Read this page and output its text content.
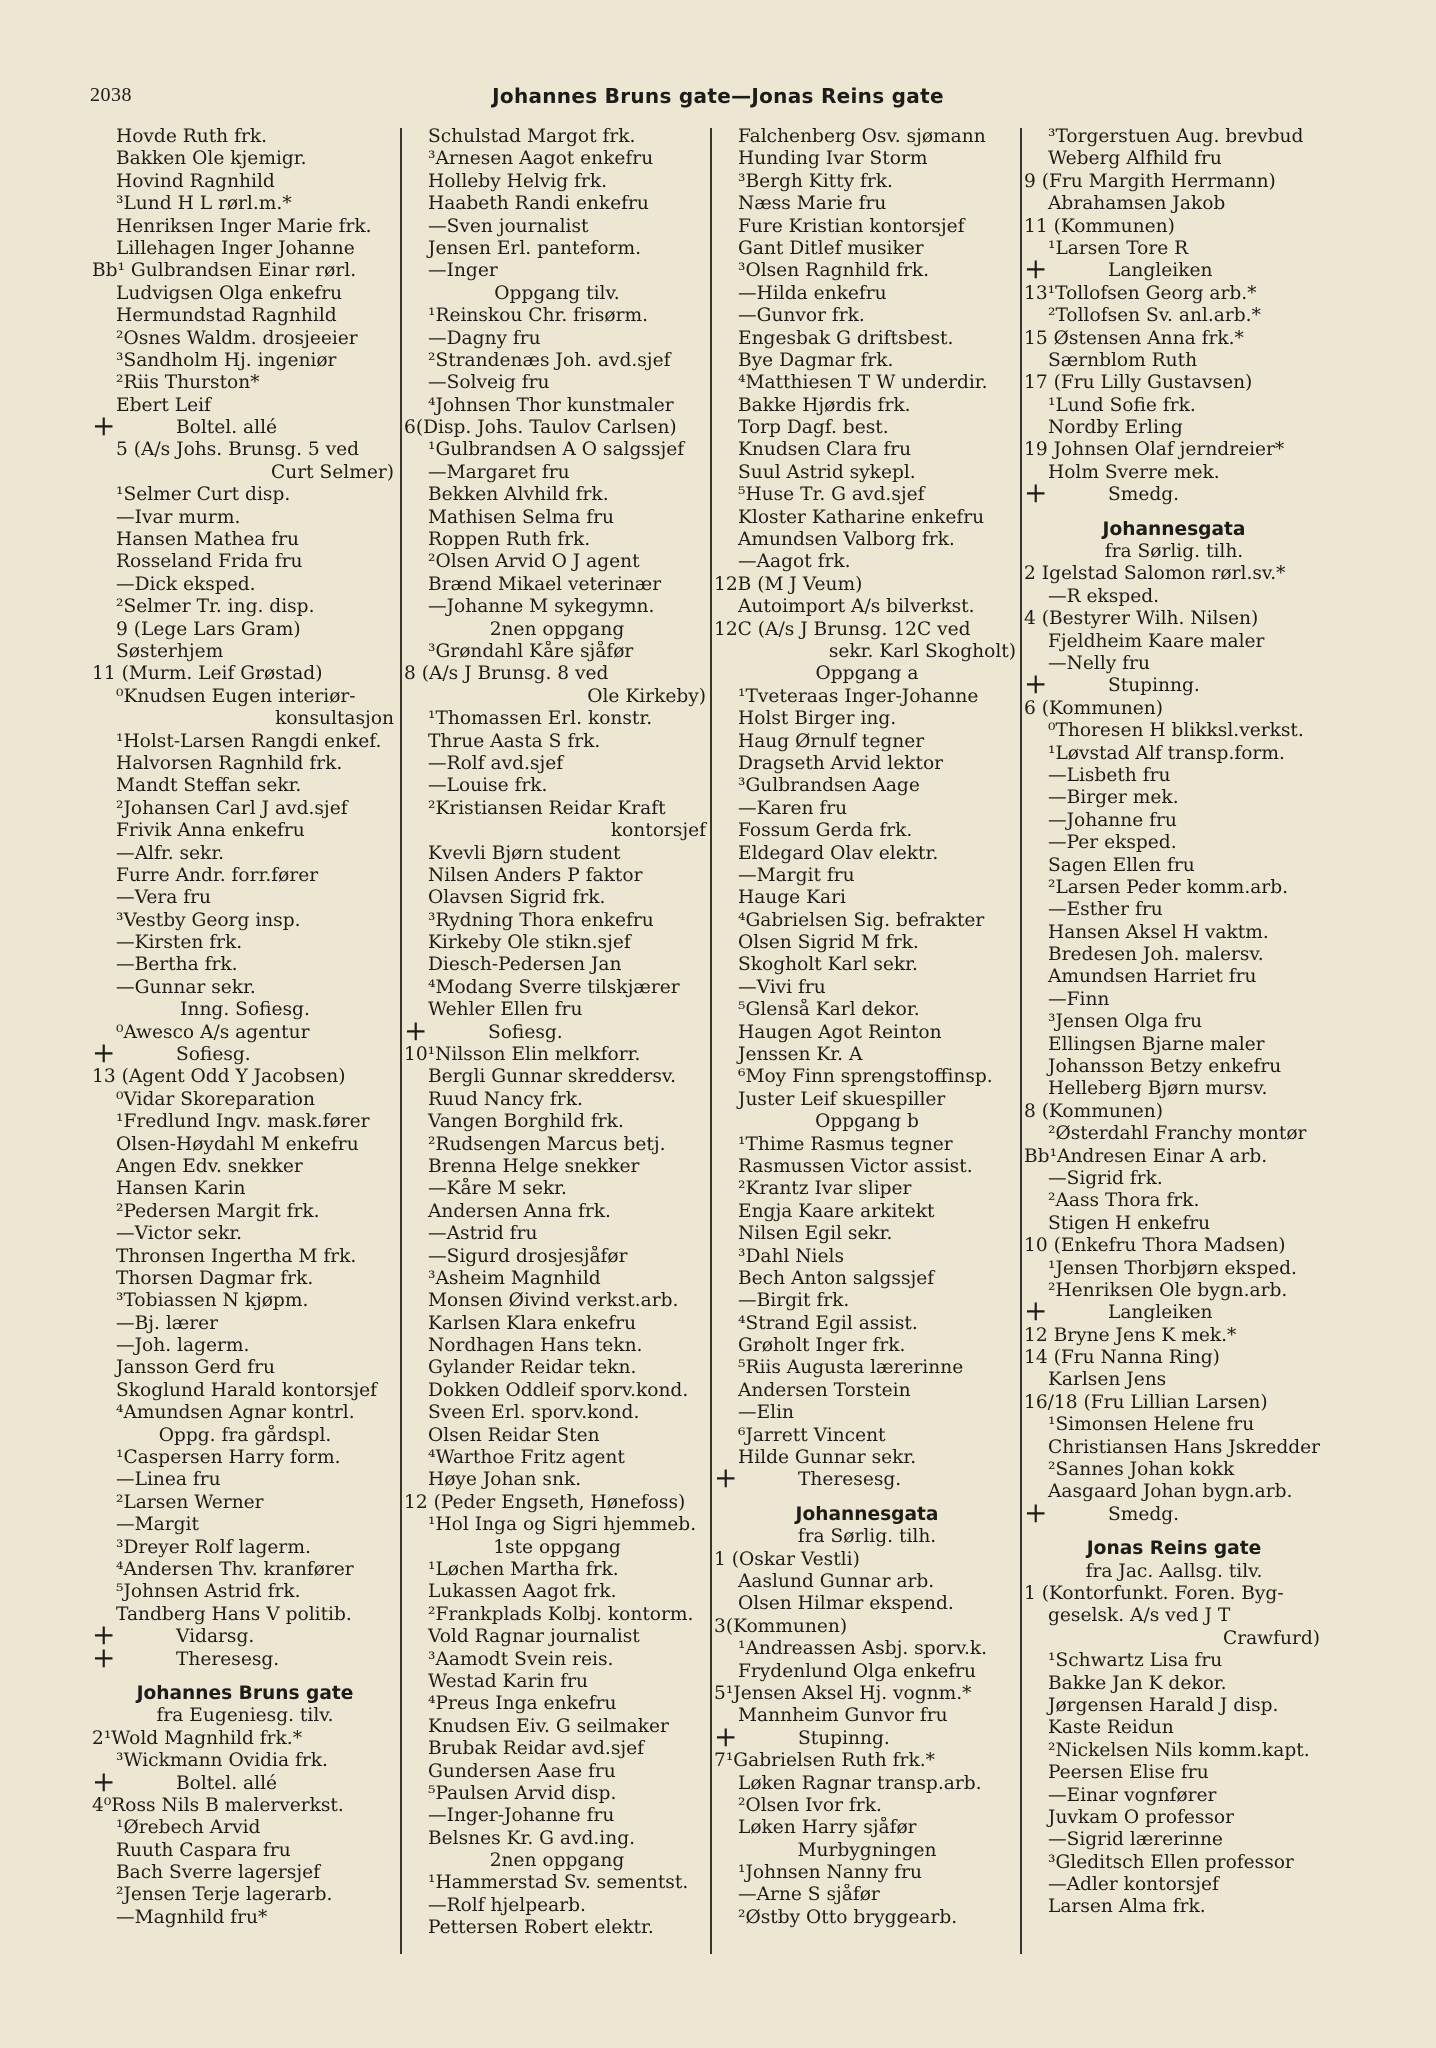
2038	Johannes Bruns gate—Jonas Reins gate
Hovde Ruth frk.
Bakken Ole kjemigr.
Hovind Ragnhild
³Lund H L rørl.m.*
Henriksen Inger Marie frk.
Lillehagen Inger Johanne
Bb¹ Gulbrandsen Einar rørl.
Ludvigsen Olga enkefru
Hermundstad Ragnhild
²Osnes Waldm. drosjeeier
³Sandholm Hj. ingeniør
²Riis Thurston*
Ebert Leif
+ Boltel. allé
5 (A/s Johs. Brunsg. 5 ved
Curt Selmer)
¹Selmer Curt disp.
—Ivar murm.
Hansen Mathea fru
Rosseland Frida fru
—Dick eksped.
²Selmer Tr. ing. disp.
9 (Lege Lars Gram)
Søsterhjem
11 (Murm. Leif Grøstad)
⁰Knudsen Eugen interiør-
konsultasjon
¹Holst-Larsen Rangdi enkef.
Halvorsen Ragnhild frk.
Mandt Steffan sekr.
²Johansen Carl J avd.sjef
Frivik Anna enkefru
—Alfr. sekr.
Furre Andr. forr.fører
—Vera fru
³Vestby Georg insp.
—Kirsten frk.
—Bertha frk.
—Gunnar sekr.
Inng. Sofiesg.
⁰Awesco A/s agentur
+ Sofiesg.
13 (Agent Odd Y Jacobsen)
⁰Vidar Skoreparation
¹Fredlund Ingv. mask.fører
Olsen-Høydahl M enkefru
Angen Edv. snekker
Hansen Karin
²Pedersen Margit frk.
—Victor sekr.
Thronsen Ingertha M frk.
Thorsen Dagmar frk.
³Tobiassen N kjøpm.
—Bj. lærer
—Joh. lagerm.
Jansson Gerd fru
Skoglund Harald kontorsjef
⁴Amundsen Agnar kontrl.
Oppg. fra gårdspl.
¹Caspersen Harry form.
—Linea fru
²Larsen Werner
—Margit
³Dreyer Rolf lagerm.
⁴Andersen Thv. kranfører
⁵Johnsen Astrid frk.
Tandberg Hans V politib.
+ Vidarsg.
+ Theresesg.
Johannes Bruns gate
fra Eugeniesg. tilv.
2¹Wold Magnhild frk.*
³Wickmann Ovidia frk.
+ Boltel. allé
4⁰Ross Nils B malerverkst.
¹Ørebech Arvid
Ruuth Caspara fru
Bach Sverre lagersjef
²Jensen Terje lagerarb.
—Magnhild fru*
Schulstad Margot frk.
³Arnesen Aagot enkefru
Holleby Helvig frk.
Haabeth Randi enkefru
—Sven journalist
Jensen Erl. panteform.
—Inger
Oppgang tilv.
¹Reinskou Chr. frisørm.
—Dagny fru
²Strandenæs Joh. avd.sjef
—Solveig fru
⁴Johnsen Thor kunstmaler
6(Disp. Johs. Taulov Carlsen)
¹Gulbrandsen A O salgssjef
—Margaret fru
Bekken Alvhild frk.
Mathisen Selma fru
Roppen Ruth frk.
²Olsen Arvid O J agent
Brænd Mikael veterinær
—Johanne M sykegymn.
2nen oppgang
³Grøndahl Kåre sjåfør
8 (A/s J Brunsg. 8 ved
Ole Kirkeby)
¹Thomassen Erl. konstr.
Thrue Aasta S frk.
—Rolf avd.sjef
—Louise frk.
²Kristiansen Reidar Kraft
kontorsjef
Kvevli Bjørn student
Nilsen Anders P faktor
Olavsen Sigrid frk.
³Rydning Thora enkefru
Kirkeby Ole stikn.sjef
Diesch-Pedersen Jan
⁴Modang Sverre tilskjærer
Wehler Ellen fru
+ Sofiesg.
10¹Nilsson Elin melkforr.
Bergli Gunnar skreddersv.
Ruud Nancy frk.
Vangen Borghild frk.
²Rudsengen Marcus betj.
Brenna Helge snekker
—Kåre M sekr.
Andersen Anna frk.
—Astrid fru
—Sigurd drosjesjåfør
³Asheim Magnhild
Monsen Øivind verkst.arb.
Karlsen Klara enkefru
Nordhagen Hans tekn.
Gylander Reidar tekn.
Dokken Oddleif sporv.kond.
Sveen Erl. sporv.kond.
Olsen Reidar Sten
⁴Warthoe Fritz agent
Høye Johan snk.
12 (Peder Engseth, Hønefoss)
¹Hol Inga og Sigri hjemmeb.
1ste oppgang
¹Løchen Martha frk.
Lukassen Aagot frk.
²Frankplads Kolbj. kontorm.
Vold Ragnar journalist
³Aamodt Svein reis.
Westad Karin fru
⁴Preus Inga enkefru
Knudsen Eiv. G seilmaker
Brubak Reidar avd.sjef
Gundersen Aase fru
⁵Paulsen Arvid disp.
—Inger-Johanne fru
Belsnes Kr. G avd.ing.
2nen oppgang
¹Hammerstad Sv. sementst.
—Rolf hjelpearb.
Pettersen Robert elektr.
Falchenberg Osv. sjømann
Hunding Ivar Storm
³Bergh Kitty frk.
Næss Marie fru
Fure Kristian kontorsjef
Gant Ditlef musiker
³Olsen Ragnhild frk.
—Hilda enkefru
—Gunvor frk.
Engesbak G driftsbest.
Bye Dagmar frk.
⁴Matthiesen T W underdir.
Bakke Hjørdis frk.
Torp Dagf. best.
Knudsen Clara fru
Suul Astrid sykepl.
⁵Huse Tr. G avd.sjef
Kloster Katharine enkefru
Amundsen Valborg frk.
—Aagot frk.
12B (M J Veum)
Autoimport A/s bilverkst.
12C (A/s J Brunsg. 12C ved
sekr. Karl Skogholt)
Oppgang a
¹Tveteraas Inger-Johanne
Holst Birger ing.
Haug Ørnulf tegner
Dragseth Arvid lektor
³Gulbrandsen Aage
—Karen fru
Fossum Gerda frk.
Eldegard Olav elektr.
—Margit fru
Hauge Kari
⁴Gabrielsen Sig. befrakter
Olsen Sigrid M frk.
Skogholt Karl sekr.
—Vivi fru
⁵Glenså Karl dekor.
Haugen Agot Reinton
Jenssen Kr. A
⁶Moy Finn sprengstoffinsp.
Juster Leif skuespiller
Oppgang b
¹Thime Rasmus tegner
Rasmussen Victor assist.
²Krantz Ivar sliper
Engja Kaare arkitekt
Nilsen Egil sekr.
³Dahl Niels
Bech Anton salgssjef
—Birgit frk.
⁴Strand Egil assist.
Grøholt Inger frk.
⁵Riis Augusta lærerinne
Andersen Torstein
—Elin
⁶Jarrett Vincent
Hilde Gunnar sekr.
+ Theresesg.
Johannesgata
fra Sørlig. tilh.
1 (Oskar Vestli)
Aaslund Gunnar arb.
Olsen Hilmar ekspend.
3(Kommunen)
¹Andreassen Asbj. sporv.k.
Frydenlund Olga enkefru
5¹Jensen Aksel Hj. vognm.*
Mannheim Gunvor fru
+ Stupinng.
7¹Gabrielsen Ruth frk.*
Løken Ragnar transp.arb.
²Olsen Ivor frk.
Løken Harry sjåfør
Murbygningen
¹Johnsen Nanny fru
—Arne S sjåfør
²Østby Otto bryggearb.
³Torgerstuen Aug. brevbud
Weberg Alfhild fru
9 (Fru Margith Herrmann)
Abrahamsen Jakob
11 (Kommunen)
¹Larsen Tore R
+ Langleiken
13¹Tollofsen Georg arb.*
²Tollofsen Sv. anl.arb.*
15 Østensen Anna frk.*
Særnblom Ruth
17 (Fru Lilly Gustavsen)
¹Lund Sofie frk.
Nordby Erling
19 Johnsen Olaf jerndreier*
Holm Sverre mek.
+ Smedg.
Johannesgata
fra Sørlig. tilh.
2 Igelstad Salomon rørl.sv.*
—R eksped.
4 (Bestyrer Wilh. Nilsen)
Fjeldheim Kaare maler
—Nelly fru
+ Stupinng.
6 (Kommunen)
⁰Thoresen H blikksl.verkst.
¹Løvstad Alf transp.form.
—Lisbeth fru
—Birger mek.
—Johanne fru
—Per eksped.
Sagen Ellen fru
²Larsen Peder komm.arb.
—Esther fru
Hansen Aksel H vaktm.
Bredesen Joh. malersv.
Amundsen Harriet fru
—Finn
³Jensen Olga fru
Ellingsen Bjarne maler
Johansson Betzy enkefru
Helleberg Bjørn mursv.
8 (Kommunen)
²Østerdahl Franchy montør
Bb¹Andresen Einar A arb.
—Sigrid frk.
²Aass Thora frk.
Stigen H enkefru
10 (Enkefru Thora Madsen)
¹Jensen Thorbjørn eksped.
²Henriksen Ole bygn.arb.
+ Langleiken
12 Bryne Jens K mek.*
14 (Fru Nanna Ring)
Karlsen Jens
16/18 (Fru Lillian Larsen)
¹Simonsen Helene fru
Christiansen Hans Jskredder
²Sannes Johan kokk
Aasgaard Johan bygn.arb.
+ Smedg.
Jonas Reins gate
fra Jac. Aallsg. tilv.
1 (Kontorfunkt. Foren. Byg-
geselsk. A/s ved J T
Crawfurd)
¹Schwartz Lisa fru
Bakke Jan K dekor.
Jørgensen Harald J disp.
Kaste Reidun
²Nickelsen Nils komm.kapt.
Peersen Elise fru
—Einar vognfører
Juvkam O professor
—Sigrid lærerinne
³Gleditsch Ellen professor
—Adler kontorsjef
Larsen Alma frk.
